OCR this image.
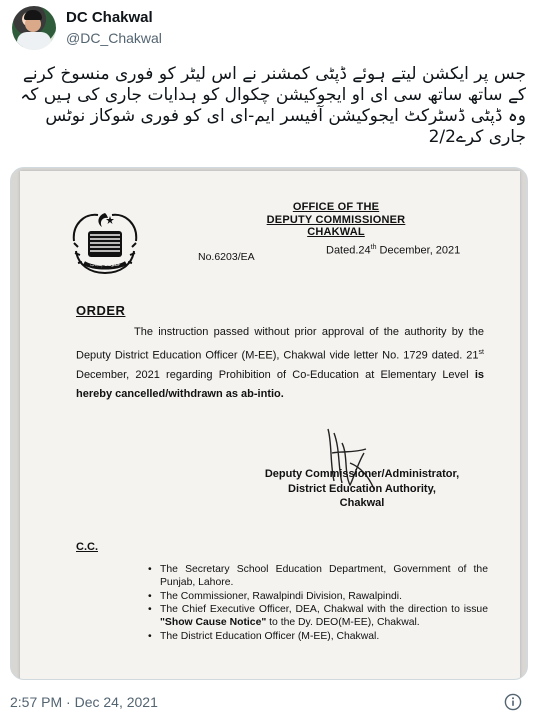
DC Chakwal
@DC_Chakwal
جس پر ایکشن لیتے ہوئے ڈپٹی کمشنر نے اس لیٹر کو فوری منسوخ کرنے کے ساتھ ساتھ سی ای او ایجوکیشن چکوال کو ہدایات جاری کی ہیں کہ وہ ڈپٹی ڈسٹرکٹ ایجوکیشن آفیسر ایم-ای ای کو فوری شوکاز نوٹس جاری کرے2/2
OFFICE OF THE
DEPUTY COMMISSIONER
CHAKWAL
حکومت پنجاب
No.6203/EA
Dated.24th December, 2021
ORDER
The instruction passed without prior approval of the authority by the Deputy District Education Officer (M-EE), Chakwal vide letter No. 1729 dated. 21st December, 2021 regarding Prohibition of Co-Education at Elementary Level is hereby cancelled/withdrawn as ab-intio.
Deputy Commissioner/Administrator,
District Education Authority,
Chakwal
C.C.
• The Secretary School Education Department, Government of the Punjab, Lahore.
• The Commissioner, Rawalpindi Division, Rawalpindi.
• The Chief Executive Officer, DEA, Chakwal with the direction to issue "Show Cause Notice" to the Dy. DEO(M-EE), Chakwal.
• The District Education Officer (M-EE), Chakwal.
2:57 PM · Dec 24, 2021
